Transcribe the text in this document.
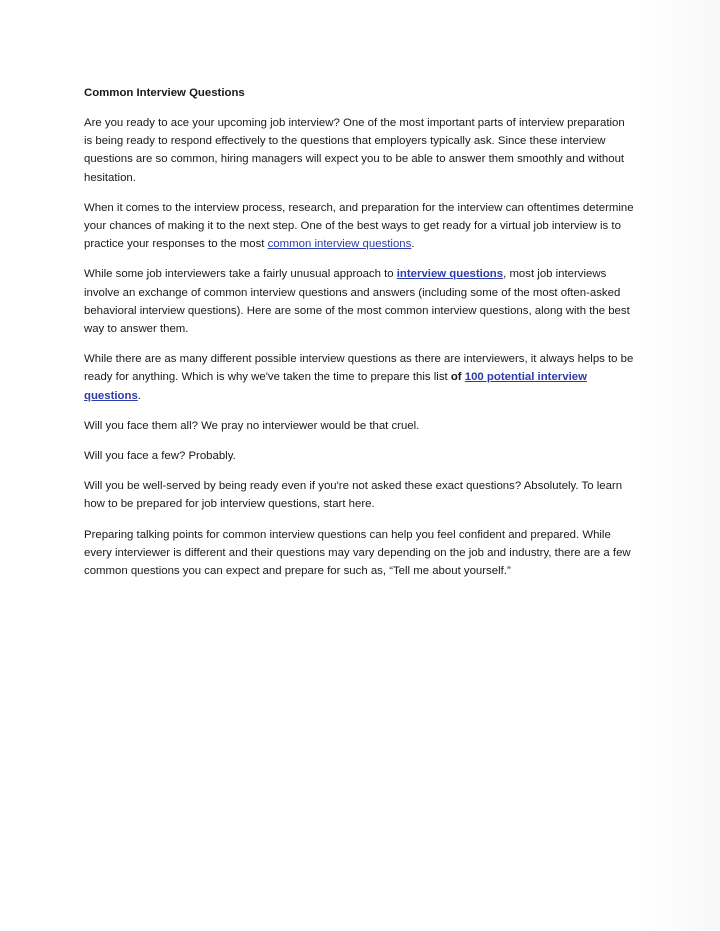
Common Interview Questions

Are you ready to ace your upcoming job interview? One of the most important parts of interview preparation is being ready to respond effectively to the questions that employers typically ask. Since these interview questions are so common, hiring managers will expect you to be able to answer them smoothly and without hesitation.

When it comes to the interview process, research, and preparation for the interview can oftentimes determine your chances of making it to the next step. One of the best ways to get ready for a virtual job interview is to practice your responses to the most common interview questions.

While some job interviewers take a fairly unusual approach to interview questions, most job interviews involve an exchange of common interview questions and answers (including some of the most often-asked behavioral interview questions). Here are some of the most common interview questions, along with the best way to answer them.

While there are as many different possible interview questions as there are interviewers, it always helps to be ready for anything. Which is why we've taken the time to prepare this list of 100 potential interview questions.

Will you face them all? We pray no interviewer would be that cruel.

Will you face a few? Probably.

Will you be well-served by being ready even if you're not asked these exact questions? Absolutely. To learn how to be prepared for job interview questions, start here.

Preparing talking points for common interview questions can help you feel confident and prepared. While every interviewer is different and their questions may vary depending on the job and industry, there are a few common questions you can expect and prepare for such as, “Tell me about yourself.”
